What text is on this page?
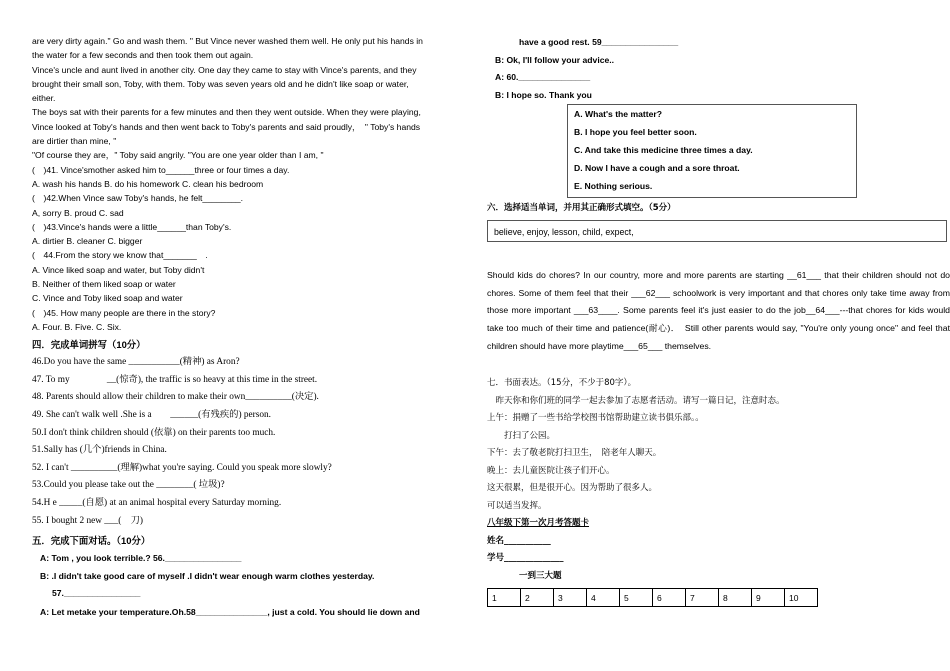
are very dirty again." Go and wash them. " But Vince never washed them well. He only put his hands in
the water for a few seconds and then took them out again.
Vince's uncle and aunt lived in another city. One day they came to stay with Vince's parents, and they
brought their small son, Toby, with them. Toby was seven years old and he didn't like soap or water,
either.
The boys sat with their parents for a few minutes and then they went outside. When they were playing,
Vince looked at Toby's hands and then went back to Toby's parents and said proudly，　" Toby's hands
are dirtier than mine, "
"Of course they are，" Toby said angrily. "You are one year older than I am, "
(　)41. Vince'smother asked him to______three or four times a day.
A. wash his hands B. do his homework C. clean his bedroom
(　)42.When Vince saw Toby's hands, he felt________.
A, sorry B. proud C. sad
(　)43.Vince's hands were a little______than Toby's.
A. dirtier B. cleaner C. bigger
(　44.From the story we know that_______　.
A. Vince liked soap and water, but Toby didn't
B. Neither of them liked soap or water
C. Vince and Toby liked soap and water
(　)45. How many people are there in the story?
A. Four. B. Five. C. Six.
四．完成单词拼写（10分）
46.Do you have the same ___________(精神) as Aron?
47. To my　　　　__(惊奇), the traffic is so heavy at this time in the street.
48. Parents should allow their children to make their own__________(决定).
49. She can't walk well .She is a　　______(有残疾的) person.
50.I don't think children should (依靠) on their parents too much.
51.Sally has (几个)friends in China.
52. I can't __________(理解)what you're saying. Could you speak more slowly?
53.Could you please take out the ________( 垃圾)?
54.H e _____(自愿) at an animal hospital every Saturday morning.
55. I bought 2 new ___(　刀)
五．完成下面对话。（10分）
A: Tom , you look terrible.? 56.________________
B: .I didn't take good care of myself .I didn't wear enough warm clothes yesterday.
57.________________
A: Let metake your temperature.Oh.58_______________, just a cold. You should lie down and
have a good rest. 59________________
B: Ok, I'll follow your advice..
A: 60._______________
B: I hope so. Thank you
A. What's the matter?
B. I hope you feel better soon.
C. And take this medicine three times a day.
D. Now I have a cough and a sore throat.
E. Nothing serious.
六．选择适当单词，并用其正确形式填空。（5分）
believe, enjoy, lesson, child, expect,
Should kids do chores? In our country, more and more parents are starting __61___ that their children should not do chores. Some of them feel that their ___62___ schoolwork is very important and that chores only take time away from those more important ___63____. Some parents feel it's just easier to do the job__64___---that chores for kids would take too much of their time and patience(耐心)．　Still other parents would say, "You're only young once" and feel that children should have more playtime___65___ themselves.
七．书面表达。（15分，不少于80字）。
　昨天你和你们班的同学一起去参加了志愿者活动。请写一篇日记，注意时态。
上午：捐赠了一些书给学校图书馆帮助建立读书俱乐部。。
　　打扫了公园。
下午：去了敬老院打扫卫生，　陪老年人聊天。
晚上：去儿童医院让孩子们开心。
这天很累，但是很开心。因为帮助了很多人。
可以适当发挥。
八年级下第一次月考答题卡
姓名___________
学号______________
一到三大题
1	2	3	4	5	6	7	8	9	10
